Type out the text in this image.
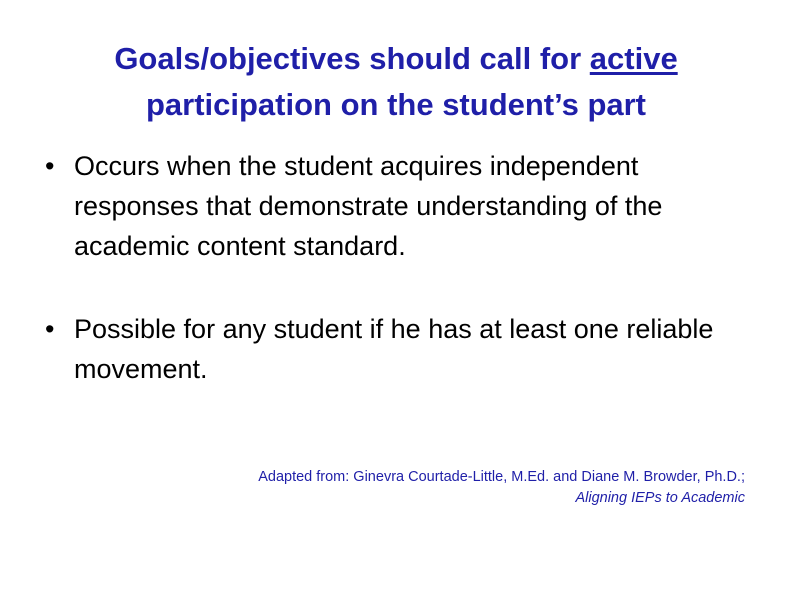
Goals/objectives should call for active
participation on the student’s part
• Occurs when the student acquires independent responses that demonstrate understanding of the academic content standard.
• Possible for any student if he has at least one reliable movement.
Adapted from: Ginevra Courtade-Little, M.Ed. and Diane M. Browder, Ph.D.;
Aligning IEPs to Academic
